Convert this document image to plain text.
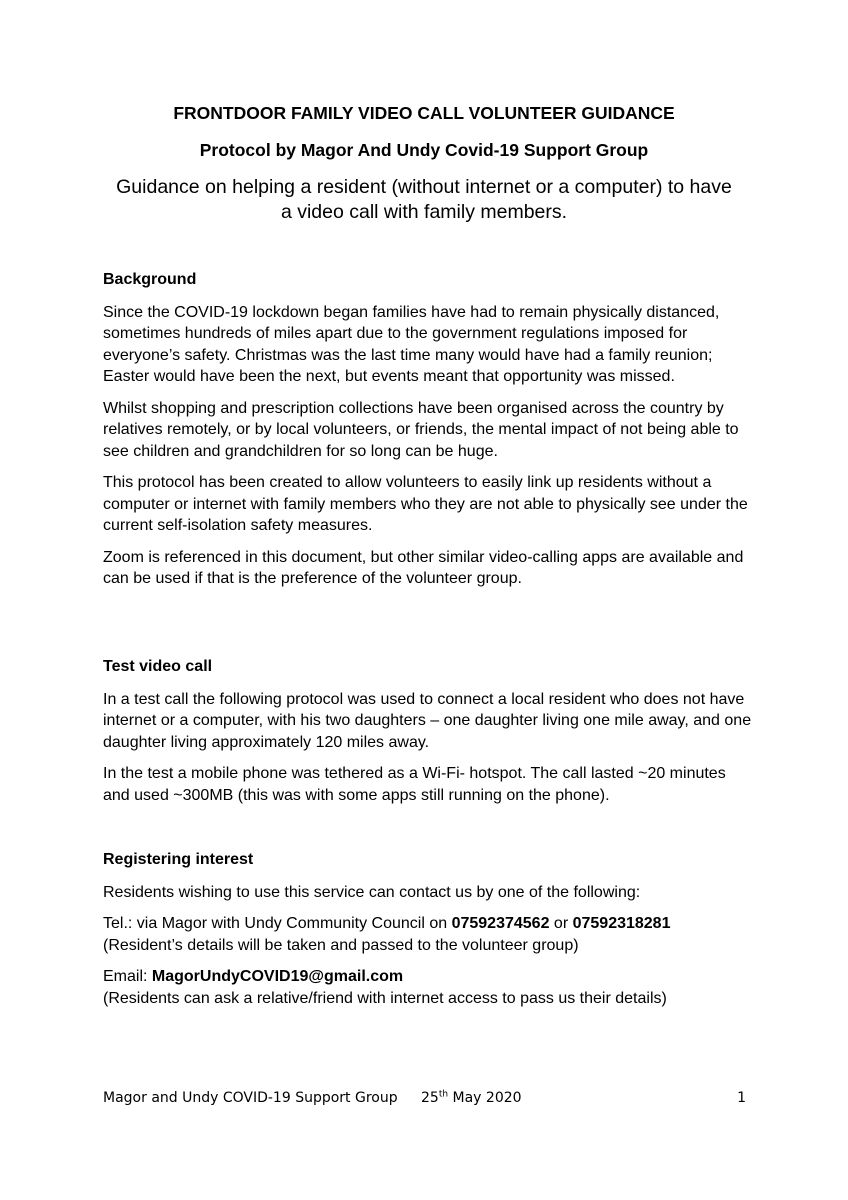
FRONTDOOR FAMILY VIDEO CALL VOLUNTEER GUIDANCE
Protocol by Magor And Undy Covid-19 Support Group
Guidance on helping a resident (without internet or a computer) to have
a video call with family members.
Background

Since the COVID-19 lockdown began families have had to remain physically distanced, sometimes hundreds of miles apart due to the government regulations imposed for everyone’s safety. Christmas was the last time many would have had a family reunion; Easter would have been the next, but events meant that opportunity was missed.

Whilst shopping and prescription collections have been organised across the country by relatives remotely, or by local volunteers, or friends, the mental impact of not being able to see children and grandchildren for so long can be huge.

This protocol has been created to allow volunteers to easily link up residents without a computer or internet with family members who they are not able to physically see under the current self-isolation safety measures.

Zoom is referenced in this document, but other similar video-calling apps are available and can be used if that is the preference of the volunteer group.

Test video call

In a test call the following protocol was used to connect a local resident who does not have internet or a computer, with his two daughters – one daughter living one mile away, and one daughter living approximately 120 miles away.

In the test a mobile phone was tethered as a Wi-Fi- hotspot. The call lasted ~20 minutes and used ~300MB (this was with some apps still running on the phone).

Registering interest

Residents wishing to use this service can contact us by one of the following:

Tel.: via Magor with Undy Community Council on 07592374562 or 07592318281
(Resident’s details will be taken and passed to the volunteer group)

Email: MagorUndyCOVID19@gmail.com
(Residents can ask a relative/friend with internet access to pass us their details)

Magor and Undy COVID-19 Support Group 25th May 2020	1
